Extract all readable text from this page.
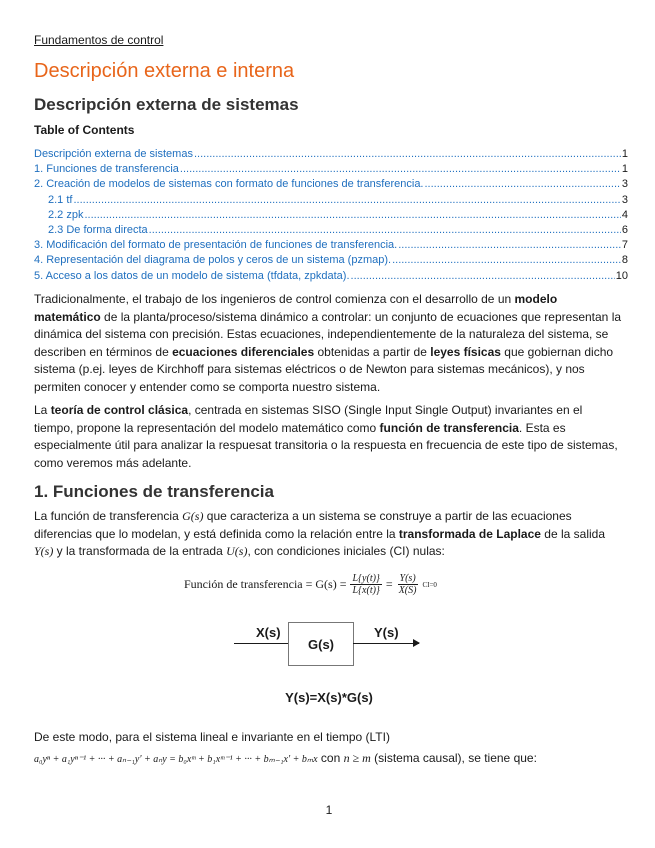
Fundamentos de control
Descripción externa e interna
Descripción externa de sistemas
Table of Contents
Descripción externa de sistemas .....	1
1. Funciones de transferencia .....	1
2. Creación de modelos de sistemas con formato de funciones de transferencia. .....	3
2.1 tf .....	3
2.2 zpk .....	4
2.3 De forma directa .....	6
3. Modificación del formato de presentación de funciones de transferencia. .....	7
4. Representación del diagrama de polos y ceros de un sistema (pzmap). .....	8
5. Acceso a los datos de un modelo de sistema (tfdata, zpkdata). .....	10
Tradicionalmente, el trabajo de los ingenieros de control comienza con el desarrollo de un modelo matemático de la planta/proceso/sistema dinámico a controlar: un conjunto de ecuaciones que representan la dinámica del sistema con precisión. Estas ecuaciones, independientemente de la naturaleza del sistema, se describen en términos de ecuaciones diferenciales obtenidas a partir de leyes físicas que gobiernan dicho sistema (p.ej. leyes de Kirchhoff para sistemas eléctricos o de Newton para sistemas mecánicos), y nos permiten conocer y entender como se comporta nuestro sistema.
La teoría de control clásica, centrada en sistemas SISO (Single Input Single Output) invariantes en el tiempo, propone la representación del modelo matemático como función de transferencia. Esta es especialmente útil para analizar la respuesat transitoria o la respuesta en frecuencia de este tipo de sistemas, como veremos más adelante.
1. Funciones de transferencia
La función de transferencia G(s) que caracteriza a un sistema se construye a partir de las ecuaciones diferencias que lo modelan, y está definida como la relación entre la transformada de Laplace de la salida Y(s) y la transformada de la entrada U(s), con condiciones iniciales (CI) nulas:
Función de transferencia = $G(s) = \frac{L\{y(t)\}}{L\{x(t)\}} = \frac{Y(s)}{X(S)} CI=0$
X(s)
G(s)
Y(s)
Y(s)=X(s)*G(s)
De este modo, para el sistema lineal e invariante en el tiempo (LTI)
a₀yⁿ + a₁yⁿ⁻¹ + ··· + aₙ₋₁y' + aₙy = b₀xᵐ + b₁xᵐ⁻¹ + ··· + bₘ₋₁x' + bₘx con n ≥ m (sistema causal), se tiene que:
1
